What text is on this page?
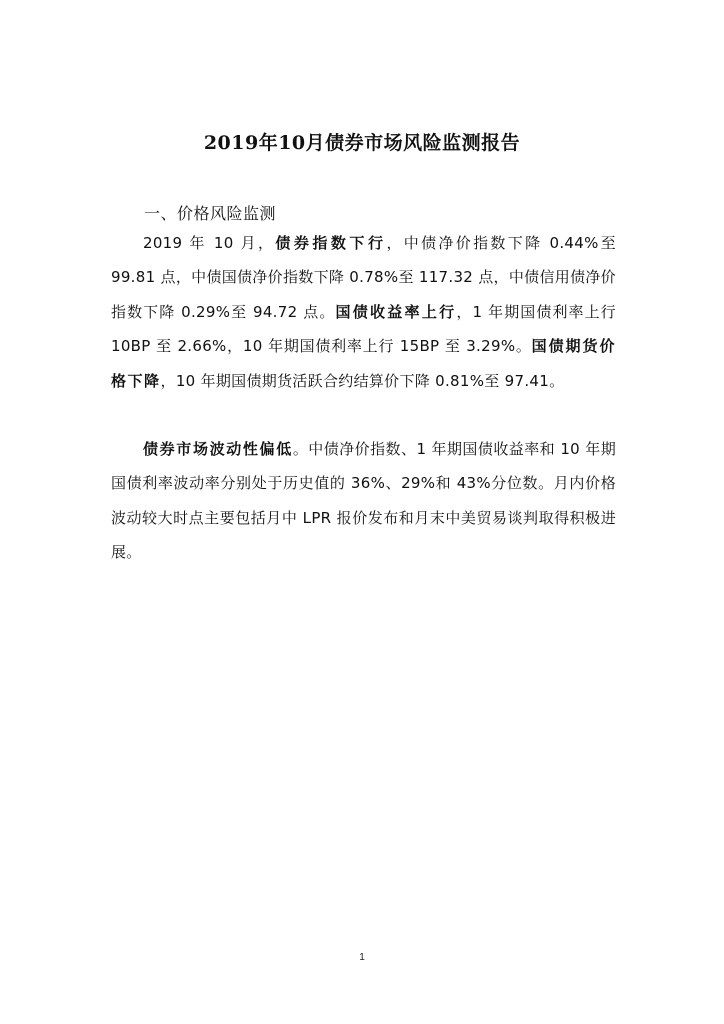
2019年10月债券市场风险监测报告
一、价格风险监测

2019 年 10 月，债券指数下行，中债净价指数下降 0.44%至 99.81 点，中债国债净价指数下降 0.78%至 117.32 点，中债信用债净价指数下降 0.29%至 94.72 点。国债收益率上行，1 年期国债利率上行 10BP 至 2.66%，10 年期国债利率上行 15BP 至 3.29%。国债期货价格下降，10 年期国债期货活跃合约结算价下降 0.81%至 97.41。

债券市场波动性偏低。中债净价指数、1 年期国债收益率和 10 年期国债利率波动率分别处于历史值的 36%、29%和 43%分位数。月内价格波动较大时点主要包括月中 LPR 报价发布和月末中美贸易谈判取得积极进展。

1
